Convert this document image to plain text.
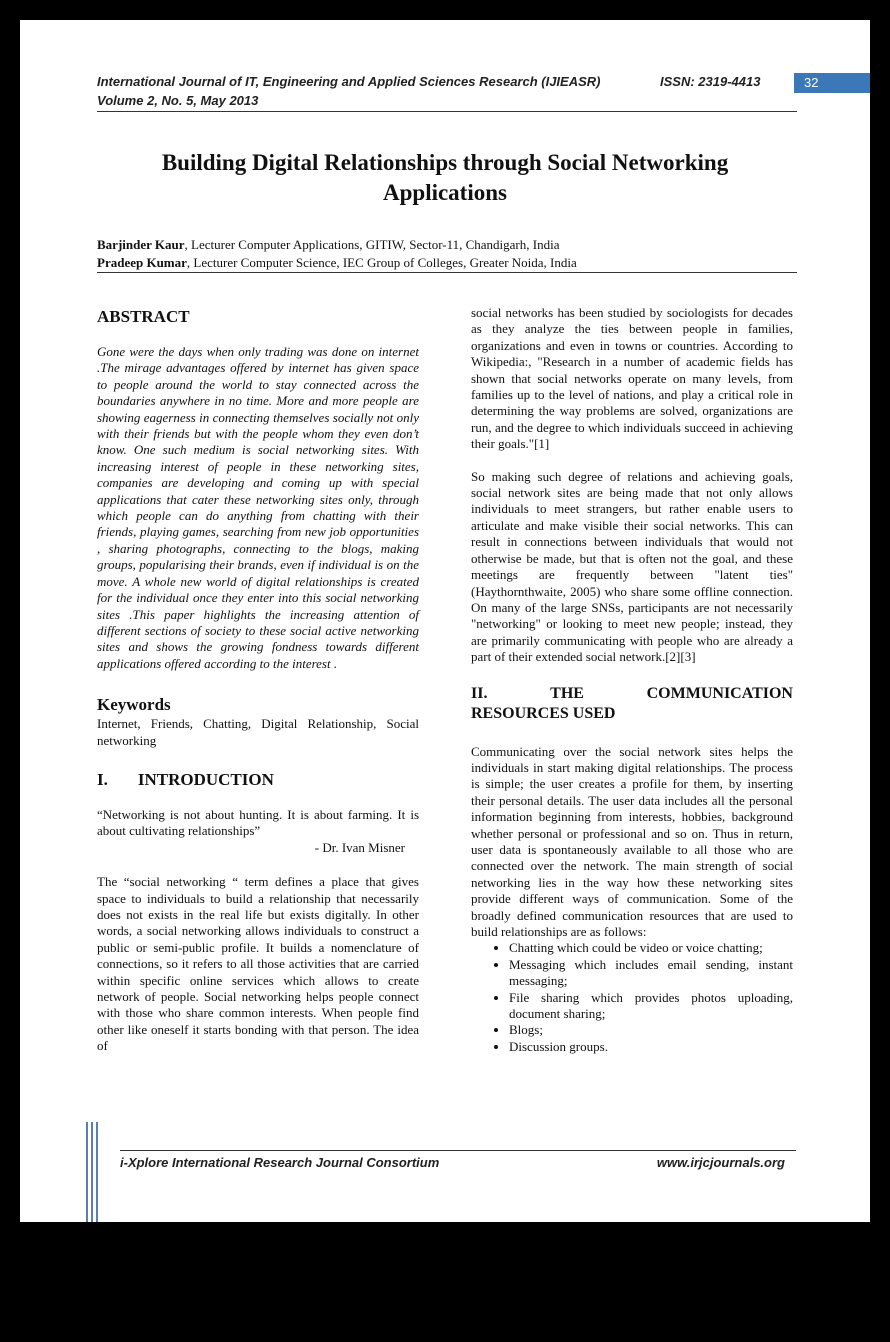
International Journal of IT, Engineering and Applied Sciences Research (IJIEASR)
Volume 2, No. 5, May 2013
ISSN: 2319-4413	32
Building Digital Relationships through Social Networking
Applications
Barjinder Kaur, Lecturer Computer Applications, GITIW, Sector-11, Chandigarh, India
Pradeep Kumar, Lecturer Computer Science, IEC Group of Colleges, Greater Noida, India

ABSTRACT

Gone were the days when only trading was done on internet .The mirage advantages offered by internet has given space to people around the world to stay connected across the boundaries anywhere in no time. More and more people are showing eagerness in connecting themselves socially not only with their friends but with the people whom they even don’t know. One such medium is social networking sites. With increasing interest of people in these networking sites, companies are developing and coming up with special applications that cater these networking sites only, through which people can do anything from chatting with their friends, playing games, searching from new job opportunities , sharing photographs, connecting to the blogs, making groups, popularising their brands, even if individual is on the move. A whole new world of digital relationships is created for the individual once they enter into this social networking sites .This paper highlights the increasing attention of different sections of society to these social active networking sites and shows the growing fondness towards different applications offered according to the interest .

Keywords

Internet, Friends, Chatting, Digital Relationship, Social networking

I. INTRODUCTION

“Networking is not about hunting. It is about farming. It is about cultivating relationships”

- Dr. Ivan Misner

The “social networking “ term defines a place that gives space to individuals to build a relationship that necessarily does not exists in the real life but exists digitally. In other words, a social networking allows individuals to construct a public or semi-public profile. It builds a nomenclature of connections, so it refers to all those activities that are carried within specific online services which allows to create network of people. Social networking helps people connect with those who share common interests. When people find other like oneself it starts bonding with that person. The idea of

social networks has been studied by sociologists for decades as they analyze the ties between people in families, organizations and even in towns or countries. According to Wikipedia:, "Research in a number of academic fields has shown that social networks operate on many levels, from families up to the level of nations, and play a critical role in determining the way problems are solved, organizations are run, and the degree to which individuals succeed in achieving their goals."[1]

So making such degree of relations and achieving goals, social network sites are being made that not only allows individuals to meet strangers, but rather enable users to articulate and make visible their social networks. This can result in connections between individuals that would not otherwise be made, but that is often not the goal, and these meetings are frequently between "latent ties" (Haythornthwaite, 2005) who share some offline connection. On many of the large SNSs, participants are not necessarily "networking" or looking to meet new people; instead, they are primarily communicating with people who are already a part of their extended social network.[2][3]

II.	THE	COMMUNICATION
RESOURCES USED

Communicating over the social network sites helps the individuals in start making digital relationships. The process is simple; the user creates a profile for them, by inserting their personal details. The user data includes all the personal information beginning from interests, hobbies, background whether personal or professional and so on. Thus in return, user data is spontaneously available to all those who are connected over the network. The main strength of social networking lies in the way how these networking sites provide different ways of communication. Some of the broadly defined communication resources that are used to build relationships are as follows:

• Chatting which could be video or voice chatting;
• Messaging which includes email sending, instant messaging;
• File sharing which provides photos uploading, document sharing;
• Blogs;
• Discussion groups.
i-Xplore International Research Journal Consortium	www.irjcjournals.org
